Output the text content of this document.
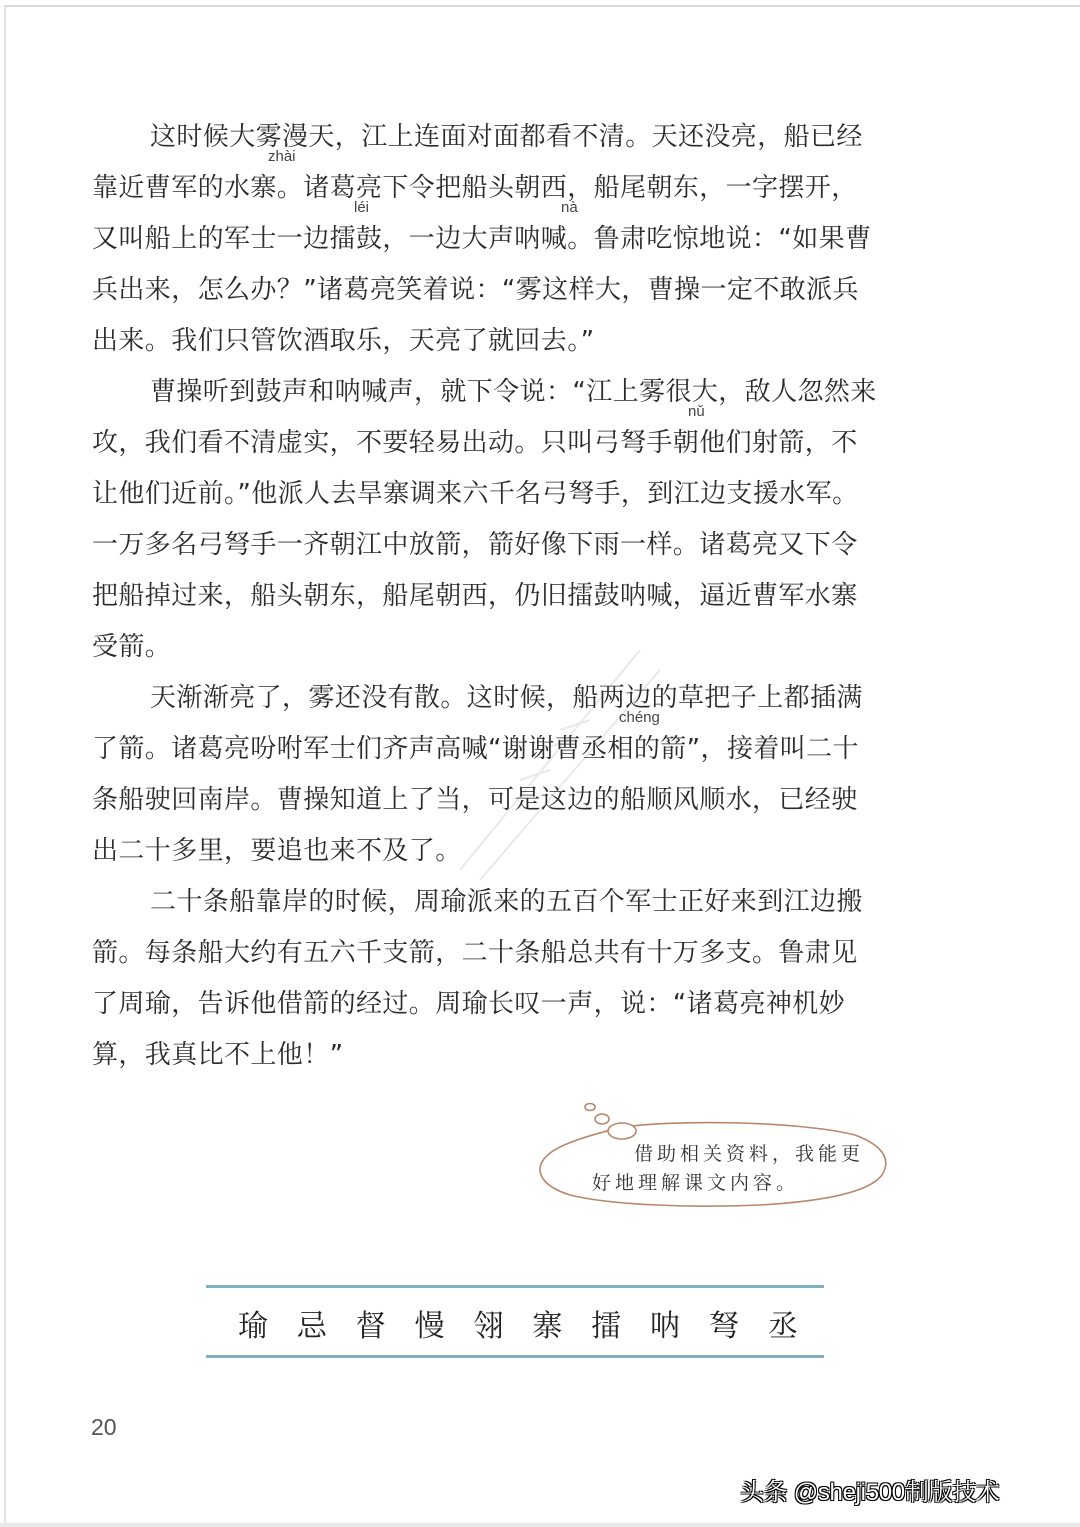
这时候大雾漫天，江上连面对面都看不清。天还没亮，船已经
zhài
靠近曹军的水寨。诸葛亮下令把船头朝西，船尾朝东，一字摆开，
léi	nà
又叫船上的军士一边擂鼓，一边大声呐喊。鲁肃吃惊地说：“如果曹
兵出来，怎么办？”诸葛亮笑着说：“雾这样大，曹操一定不敢派兵
出来。我们只管饮酒取乐，天亮了就回去。”
曹操听到鼓声和呐喊声，就下令说：“江上雾很大，敌人忽然来
nǔ
攻，我们看不清虚实，不要轻易出动。只叫弓弩手朝他们射箭，不
让他们近前。”他派人去旱寨调来六千名弓弩手，到江边支援水军。
一万多名弓弩手一齐朝江中放箭，箭好像下雨一样。诸葛亮又下令
把船掉过来，船头朝东，船尾朝西，仍旧擂鼓呐喊，逼近曹军水寨
受箭。
天渐渐亮了，雾还没有散。这时候，船两边的草把子上都插满
chéng
了箭。诸葛亮吩咐军士们齐声高喊“谢谢曹丞相的箭”，接着叫二十
条船驶回南岸。曹操知道上了当，可是这边的船顺风顺水，已经驶
出二十多里，要追也来不及了。
二十条船靠岸的时候，周瑜派来的五百个军士正好来到江边搬
箭。每条船大约有五六千支箭，二十条船总共有十万多支。鲁肃见
了周瑜，告诉他借箭的经过。周瑜长叹一声，说：“诸葛亮神机妙
算，我真比不上他！”
借助相关资料，我能更
好地理解课文内容。
瑜 忌 督 慢 翎 寨 擂 呐 弩 丞
20
头条 @sheji500制版技术
